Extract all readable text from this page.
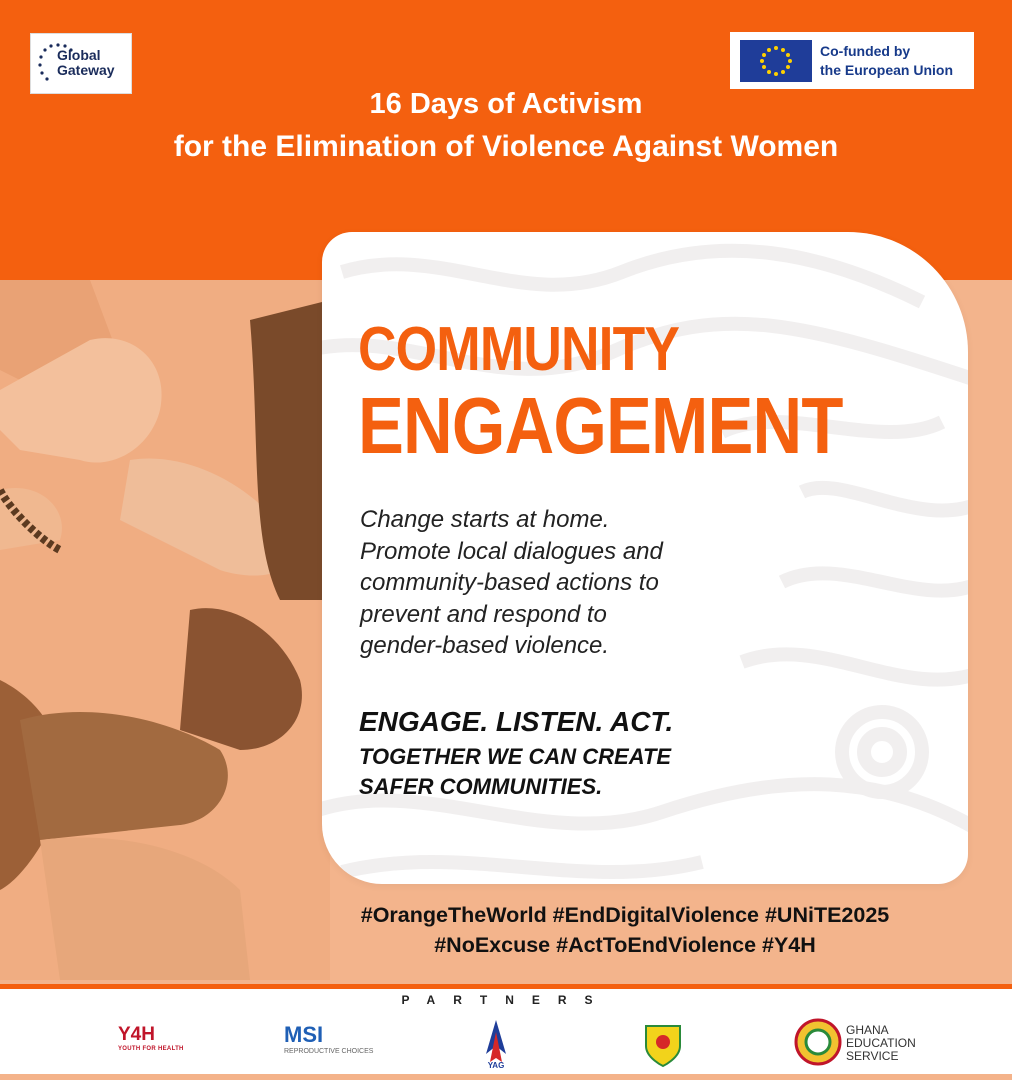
Global Gateway
Co-funded by
the European Union
16 Days of Activism
for the Elimination of Violence Against Women
COMMUNITY
ENGAGEMENT
Change starts at home.
Promote local dialogues and
community-based actions to
prevent and respond to
gender-based violence.
ENGAGE. LISTEN. ACT.
TOGETHER WE CAN CREATE
SAFER COMMUNITIES.
#OrangeTheWorld #EndDigitalViolence #UNiTE2025
#NoExcuse #ActToEndViolence #Y4H
PARTNERS
Y4H
YOUTH FOR HEALTH
MSI
REPRODUCTIVE CHOICES
YAG
GHANA EDUCATION SERVICE
